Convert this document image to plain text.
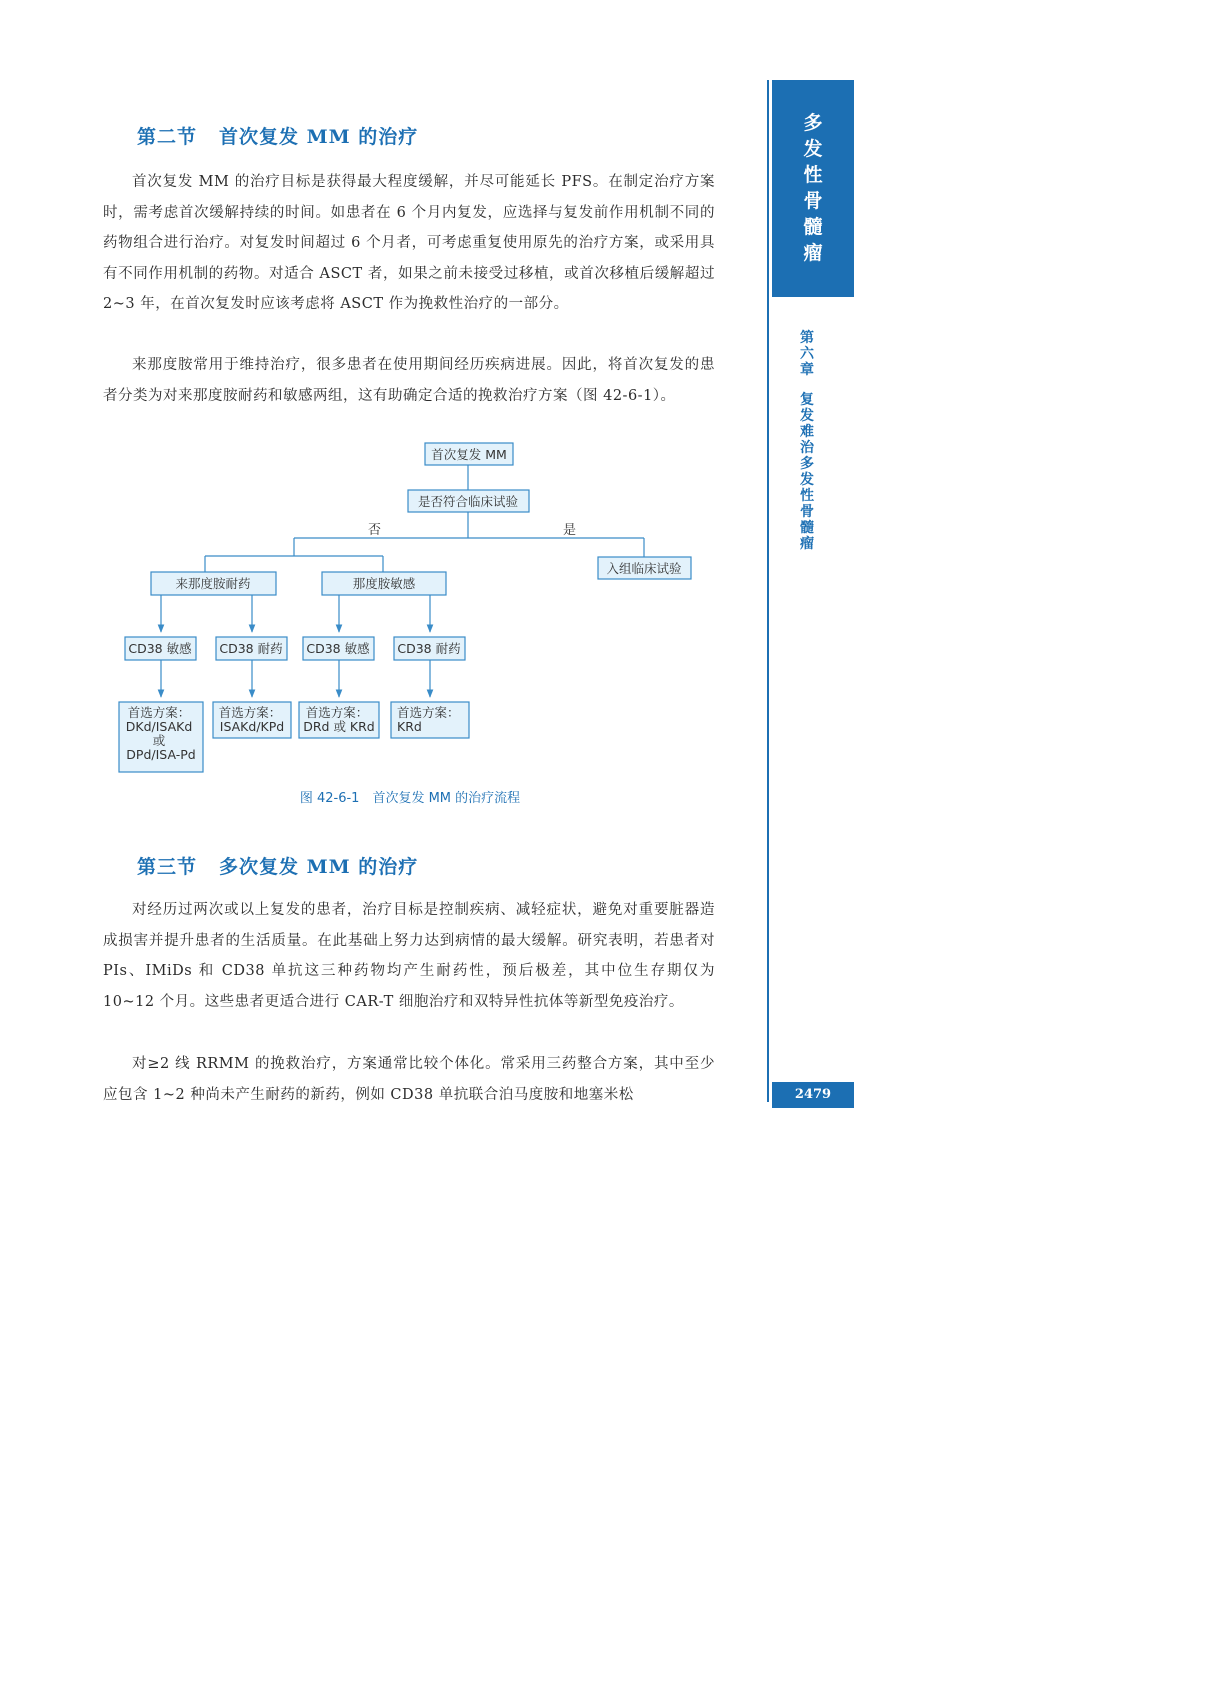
第二节 首次复发 MM 的治疗
首次复发 MM 的治疗目标是获得最大程度缓解，并尽可能延长 PFS。在制定治疗方案时，需考虑首次缓解持续的时间。如患者在 6 个月内复发，应选择与复发前作用机制不同的药物组合进行治疗。对复发时间超过 6 个月者，可考虑重复使用原先的治疗方案，或采用具有不同作用机制的药物。对适合 ASCT 者，如果之前未接受过移植，或首次移植后缓解超过 2~3 年，在首次复发时应该考虑将 ASCT 作为挽救性治疗的一部分。
来那度胺常用于维持治疗，很多患者在使用期间经历疾病进展。因此，将首次复发的患者分类为对来那度胺耐药和敏感两组，这有助确定合适的挽救治疗方案（图 42-6-1）。
否	是
首次复发 MM
是否符合临床试验
入组临床试验
来那度胺耐药	那度胺敏感
CD38 敏感 CD38 耐药 CD38 敏感 CD38 耐药
首选方案： DKd/ISAKd 或 DPd/ISA-Pd
首选方案： ISAKd/KPd
首选方案： DRd 或 KRd
首选方案： KRd
图 42-6-1　首次复发 MM 的治疗流程
第三节 多次复发 MM 的治疗
对经历过两次或以上复发的患者，治疗目标是控制疾病、减轻症状，避免对重要脏器造成损害并提升患者的生活质量。在此基础上努力达到病情的最大缓解。研究表明，若患者对 PIs、IMiDs 和 CD38 单抗这三种药物均产生耐药性，预后极差，其中位生存期仅为 10~12 个月。这些患者更适合进行 CAR-T 细胞治疗和双特异性抗体等新型免疫治疗。
对≥2 线 RRMM 的挽救治疗，方案通常比较个体化。常采用三药整合方案，其中至少应包含 1~2 种尚未产生耐药的新药，例如 CD38 单抗联合泊马度胺和地塞米松
多
发
性
骨
髓
瘤
第
六
章
复
发
难
治
多
发
性
骨
髓
瘤
2479
